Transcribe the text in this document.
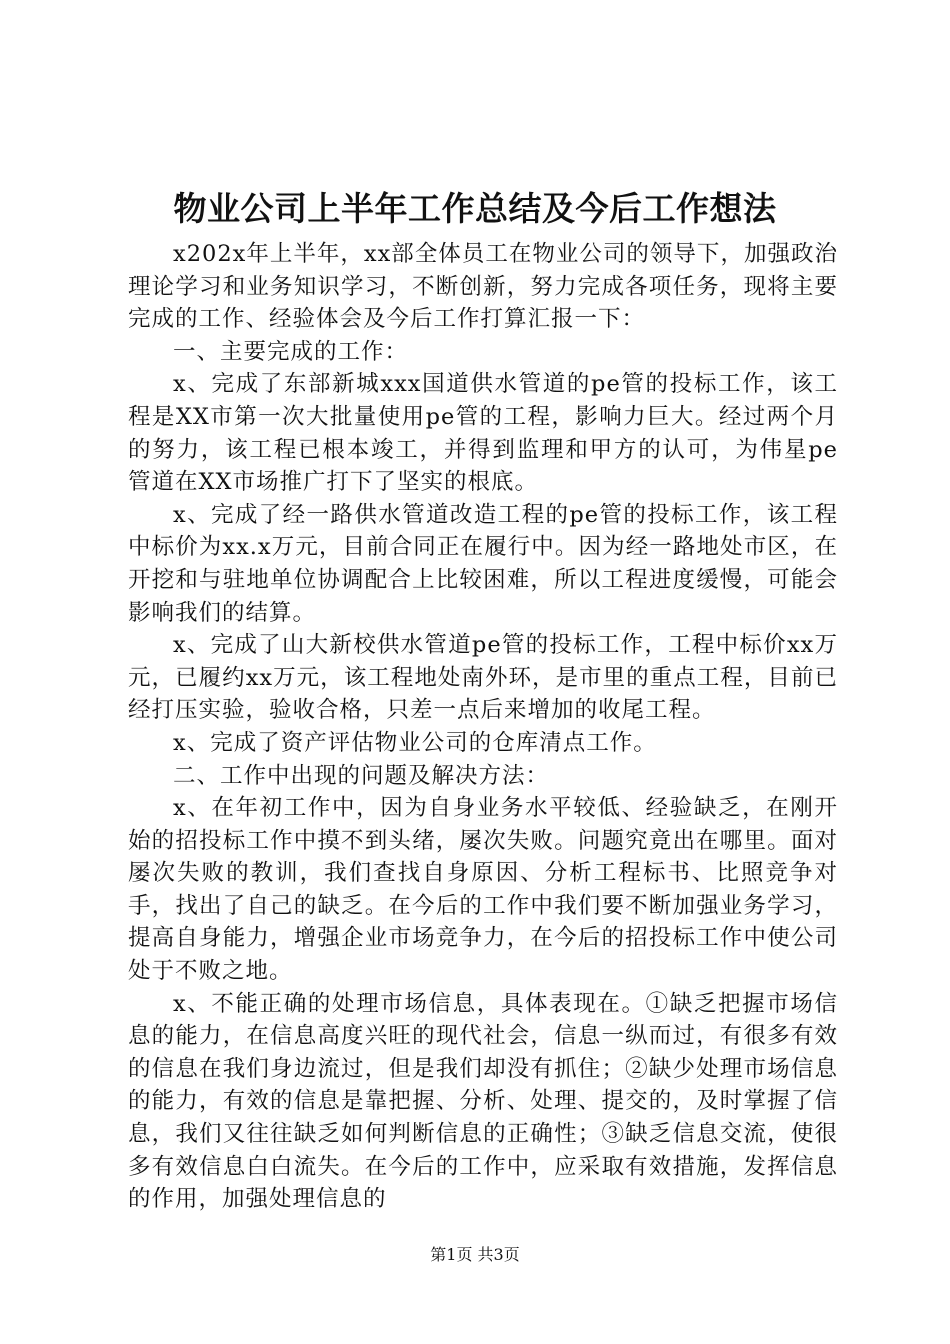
物业公司上半年工作总结及今后工作想法

x202x年上半年，xx部全体员工在物业公司的领导下，加强政治理论学习和业务知识学习，不断创新，努力完成各项任务，现将主要完成的工作、经验体会及今后工作打算汇报一下：

一、主要完成的工作：

x、完成了东部新城xxx国道供水管道的pe管的投标工作，该工程是XX市第一次大批量使用pe管的工程，影响力巨大。经过两个月的努力，该工程已根本竣工，并得到监理和甲方的认可，为伟星pe管道在XX市场推广打下了坚实的根底。

x、完成了经一路供水管道改造工程的pe管的投标工作，该工程中标价为xx.x万元，目前合同正在履行中。因为经一路地处市区，在开挖和与驻地单位协调配合上比较困难，所以工程进度缓慢，可能会影响我们的结算。

x、完成了山大新校供水管道pe管的投标工作，工程中标价xx万元，已履约xx万元，该工程地处南外环，是市里的重点工程，目前已经打压实验，验收合格，只差一点后来增加的收尾工程。

x、完成了资产评估物业公司的仓库清点工作。

二、工作中出现的问题及解决方法：

x、在年初工作中，因为自身业务水平较低、经验缺乏，在刚开始的招投标工作中摸不到头绪，屡次失败。问题究竟出在哪里。面对屡次失败的教训，我们查找自身原因、分析工程标书、比照竞争对手，找出了自己的缺乏。在今后的工作中我们要不断加强业务学习，提高自身能力，增强企业市场竞争力，在今后的招投标工作中使公司处于不败之地。

x、不能正确的处理市场信息，具体表现在。①缺乏把握市场信息的能力，在信息高度兴旺的现代社会，信息一纵而过，有很多有效的信息在我们身边流过，但是我们却没有抓住；②缺少处理市场信息的能力，有效的信息是靠把握、分析、处理、提交的，及时掌握了信息，我们又往往缺乏如何判断信息的正确性；③缺乏信息交流，使很多有效信息白白流失。在今后的工作中，应采取有效措施，发挥信息的作用，加强处理信息的

第1页 共3页
